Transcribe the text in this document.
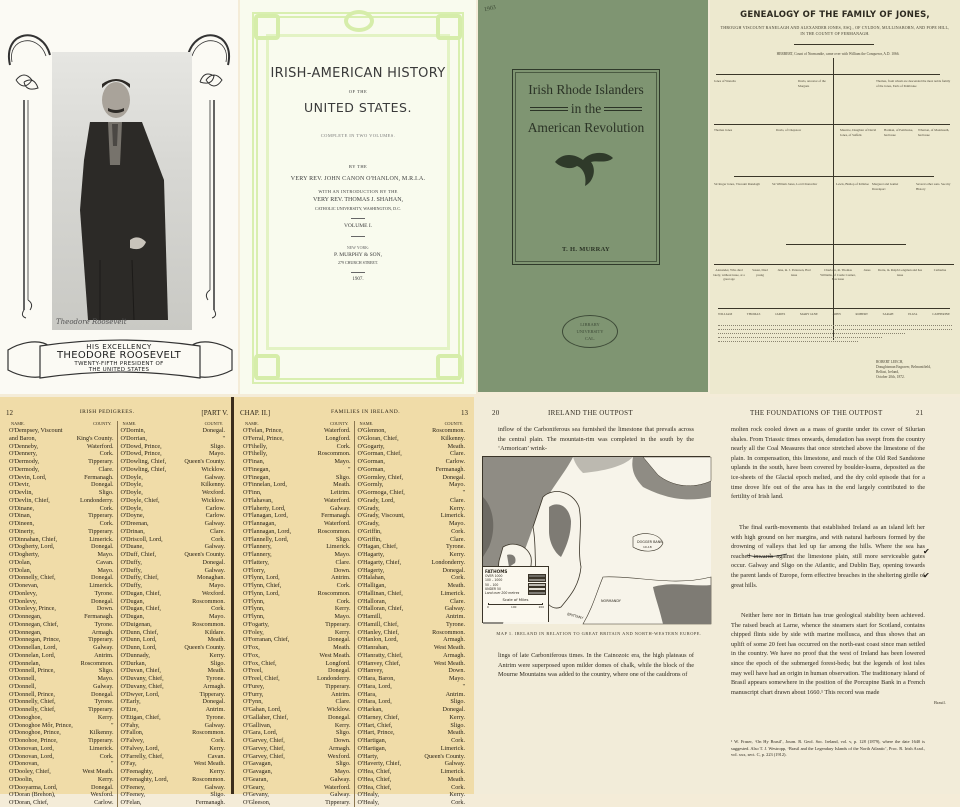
Theodore Roosevelt
HIS EXCELLENCY
THEODORE ROOSEVELT
TWENTY-FIFTH PRESIDENT OF
THE UNITED STATES
IRISH-AMERICAN HISTORY
OF THE
UNITED STATES.
COMPLETE IN TWO VOLUMES.
BY THE
VERY REV. JOHN CANON O'HANLON, M.R.I.A.
WITH AN INTRODUCTION BY THE
VERY REV. THOMAS J. SHAHAN,
CATHOLIC UNIVERSITY, WASHINGTON, D.C.
VOLUME I.
NEW YORK:
P. MURPHY & SON,
279 CHURCH STREET.
1907.
1903
Irish Rhode Islanders
in the
American Revolution
T. H. MURRAY
LIBRARY
UNIVERSITY
CAL.
GENEALOGY OF THE FAMILY OF JONES,
THROUGH VISCOUNT RANELAGH AND ALEXANDER JONES, ESQ., OF CYLDON, MULLINABORN, AND POPE HILL, IN THE COUNTY OF FERMANAGH.
HERBERT, Count of Normandie, came over with William the Conqueror, A.D. 1066.
Jones of Wanolla	Davis, ancestor of the Morgans
Thomas, from whom are descended the most noble family of the Jones, Earls of Pembroke
Thomas Jones	Davis, of Chepstow	Maurice, Daughter of David Jones, of Suffolk
Harman, of Pembroke, had issue
Wharton, of Monmouth, had issue
Sir Roger Jones, Viscount Ranelagh	Sir William Jones, Lord Chancellor	Lewis, Bishop of Killaloe Margaret and Gamet Davenport
Several other sons. See my History
Alexander, Who died lately, without issue, at a great age
Susan, Died young
Jane, m. J. Patterson, Had issue
Charlotte, m. Thomas Williams, of Castle Conner, Has issue
Jones	Dorie, m. Ralph Longman and has issue
Catharine
WILLIAM	THOMAS	JAMES	MARY JANE	JOHN	ROBERT	SARAH	ELIZA	CATHERINE
ROBERT LEECH,
Draughtsman Engraver, Belmontfield,
Belfast, Ireland,
October 20th, 1872.
12	IRISH PEDIGREES.	[PART V.
NAME.	COUNTY.
O'Dempsey, Viscount
and Baron,	King's County.
O'Denneby,	Waterford.
O'Dennery,	Cork.
O'Dermody,	Tipperary.
O'Dermody,	Clare.
O'Devin, Lord,	Fermanagh.
O'Devir,	Donegal.
O'Devlin,	Sligo.
O'Devlin, Chief,	Londonderry.
O'Dinane,	Cork.
O'Dinan,	Tipperary.
O'Dineen,	Cork.
O'Dinerty,	Tipperary.
O'Dinnahan, Chief,	Limerick.
O'Dogherty, Lord,	Donegal.
O'Dogherty,	Mayo.
O'Dolan,	Cavan.
O'Dolan,	Mayo.
O'Donnelly, Chief,	Donegal.
O'Donevan,	Limerick.
O'Donlevy,	Tyrone.
O'Donlevy,	Donegal.
O'Donlevy, Prince,	Down.
O'Donnegan,	Fermanagh.
O'Donnegan, Chief,	Tyrone.
O'Donnegan,	Armagh.
O'Donnegan, Prince,	Tipperary.
O'Donnellan, Lord,	Galway.
O'Donnelan, Lord,	Antrim.
O'Donnelan,	Roscommon.
O'Donnell, Prince,	Sligo.
O'Donnell,	Mayo.
O'Donnell,	Galway.
O'Donnell, Prince,	Donegal.
O'Donnelly, Chief,	Tyrone.
O'Donnelly, Chief,	Tipperary.
O'Donoghoe,	Kerry.
O'Donoghoe Môr, Prince,	"
O'Donoghoe, Prince,	Kilkenny.
O'Donohoe, Prince,	Tipperary.
O'Donovan, Lord,	Limerick.
O'Donovan, Lord,	Cork.
O'Donovan,	"
O'Dooley, Chief,	West Meath.
O'Doolin,	Kerry.
O'Dooyarma, Lord,	Donegal.
O'Doran (Brehon),	Wexford.
O'Doran, Chief,	Carlow.
NAME.	COUNTY.
O'Dornin,	Donegal.
O'Dorrian,	"
O'Dowd, Prince,	Sligo.
O'Dowd, Prince,	Mayo.
O'Dowling, Chief,	Queen's County.
O'Dowling, Chief,	Wicklow.
O'Doyle,	Galway.
O'Doyle,	Kilkenny.
O'Doyle,	Wexford.
O'Doyle, Chief,	Wicklow.
O'Doyle,	Carlow.
O'Doyne,	Carlow.
O'Dreenan,	Galway.
O'Drinan,	Clare.
O'Driscoll, Lord,	Cork.
O'Duane,	Galway.
O'Duff, Chief,	Queen's County.
O'Duffy,	Donegal.
O'Duffy,	Galway.
O'Duffy, Chief,	Monaghan.
O'Duffy,	Mayo.
O'Dugan, Chief,	Wexford.
O'Dugan,	Roscommon.
O'Dugan, Chief,	Cork.
O'Dugan,	Mayo.
O'Duigenan,	Roscommon.
O'Dunn, Chief,	Kildare.
O'Dunn, Lord,	Meath.
O'Dunn, Lord,	Queen's County.
O'Dunnady,	Kerry.
O'Durkan,	Sligo.
O'Duvan, Chief,	Meath.
O'Duvany, Chief,	Tyrone.
O'Duvany, Chief,	Armagh.
O'Dwyer, Lord,	Tipperary.
O'Early,	Donegal.
O'Eire,	Antrim.
O'Etigan, Chief,	Tyrone.
O'Fahy,	Galway.
O'Fallon,	Roscommon.
O'Falvey,	Cork.
O'Falvey, Lord,	Kerry.
O'Farrelly, Chief,	Cavan.
O'Fay,	West Meath.
O'Feenaghty,	Kerry.
O'Feenaghty, Lord,	Roscommon.
O'Feeney,	Galway.
O'Feeney,	Sligo.
O'Felan,	Fermanagh.
CHAP. II.]	FAMILIES IN IRELAND.	13
NAME.	COUNTY.
O'Felan, Prince,	Waterford.
O'Ferral, Prince,	Longford.
O'Fihelly,	Cork.
O'Fihelly,	Roscommon.
O'Finan,	Mayo.
O'Finegan,	"
O'Finegan,	Sligo.
O'Finnelan, Lord,	Meath.
O'Finn,	Leitrim.
O'Flahavan,	Waterford.
O'Flaherty, Lord,	Galway.
O'Flanagan, Lord,	Fermanagh.
O'Flannagan,	Waterford.
O'Flannagan, Lord,	Roscommon.
O'Flannelly, Lord,	Sligo.
O'Flannery,	Limerick.
O'Flannery,	Mayo.
O'Flattery,	Clare.
O'Florry,	Down.
O'Flynn, Lord,	Antrim.
O'Flynn, Chief,	Cork.
O'Flynn, Lord,	Roscommon.
O'Flynn,	Cork.
O'Flynn,	Kerry.
O'Flynn,	Mayo.
O'Fogarty,	Tipperary.
O'Foley,	Kerry.
O'Forranan, Chief,	Donegal.
O'Fox,	Meath.
O'Fox,	West Meath.
O'Fox, Chief,	Longford.
O'Freel,	Donegal.
O'Freel, Chief,	Londonderry.
O'Furey,	Tipperary.
O'Furry,	Antrim.
O'Fynn,	Clare.
O'Gahan, Lord,	Wicklow.
O'Gallaher, Chief,	Donegal.
O'Gallivan,	Kerry.
O'Gara, Lord,	Sligo.
O'Garvey, Chief,	Down.
O'Garvey, Chief,	Armagh.
O'Garvey, Chief,	Wexford.
O'Gavagan,	Sligo.
O'Gavagan,	Mayo.
O'Gearan,	Galway.
O'Geary,	Waterford.
O'Gevany,	Galway.
O'Gleeson,	Tipperary.
NAME.	COUNTY.
O'Glennon,	Roscommon.
O'Gloran, Chief,	Kilkenny.
O'Gogarty,	Meath.
O'Gorman, Chief,	Clare.
O'Gorman,	Carlow.
O'Gorman,	Fermanagh.
O'Gormley, Chief,	Donegal.
O'Gormly,	Mayo.
O'Gormoga, Chief,	"
O'Grady, Lord,	Clare.
O'Grady,	Kerry.
O'Grady, Viscount,	Limerick.
O'Grady,	Mayo.
O'Griffin,	Cork.
O'Griffin,	Clare.
O'Hagan, Chief,	Tyrone.
O'Hagarty,	Kerry.
O'Hagarty, Chief,	Londonderry.
O'Hagerty,	Donegal.
O'Halahan,	Cork.
O'Halligan,	Meath.
O'Hallinan, Chief,	Limerick.
O'Halloran,	Clare.
O'Halloran, Chief,	Galway.
O'Hamill,	Antrim.
O'Hamill, Chief,	Tyrone.
O'Hanley, Chief,	Roscommon.
O'Hanlon, Lord,	Armagh.
O'Hanrahan,	West Meath.
O'Hanratty, Chief,	Armagh.
O'Hanvey, Chief,	West Meath.
O'Hanvey,	Down.
O'Hara, Baron,	Mayo.
O'Hara, Lord,	"
O'Hara,	Antrim.
O'Hara, Lord,	Sligo.
O'Harkan,	Donegal.
O'Harney, Chief,	Kerry.
O'Hart, Chief,	Sligo.
O'Hart, Prince,	Meath.
O'Hartigan,	Cork.
O'Hartigan,	Limerick.
O'Harty,	Queen's County.
O'Haverty, Chief,	Galway.
O'Hea, Chief,	Limerick.
O'Hea, Chief,	Meath.
O'Hea, Chief,	Cork.
O'Healy,	Kerry.
O'Healy,	Cork.
20	IRELAND THE OUTPOST
inflow of the Carboniferous sea furnished the limestone that prevails across the central plain. The mountain-rim was completed in the south by the ‘Armorican’ wrink-
DOGGER BANK
10-18
NORMANDY
BRITTANY
FATHOMS
OVER 1000
100 – 1000
50 – 100
UNDER 50
Land over 200 metres
Scale of Miles
0	100	200
MAP 1. IRELAND IN RELATION TO GREAT BRITAIN AND NORTH-WESTERN EUROPE.
lings of late Carboniferous times. In the Cainozoic era, the high plateaus of Antrim were superposed upon milder domes of chalk, while the block of the Mourne Mountains was added to the country, where one of the cauldrons of
THE FOUNDATIONS OF THE OUTPOST	21
molten rock cooled down as a mass of granite under its cover of Silurian shales. From Triassic times onwards, denudation has swept from the country nearly all the Coal Measures that once stretched above the limestone of the plain. In compensation, this limestone, and much of the Old Red Sandstone uplands in the south, have been covered by boulder-loams, deposited as the ice-sheets of the Glacial epoch melted, and the dry cold episode that for a time drove life out of the area has in the end largely contributed to the fertility of Irish land.
The final earth-movements that established Ireland as an island left her with high ground on her margins, and with natural harbours formed by the drowning of valleys that led up far among the hills. Where the sea has reached inwards against the limestone plain, still more serviceable gates occur. Galway and Sligo on the Atlantic, and Dublin Bay, opening towards the parent lands of Europe, form effective breaches in the sheltering girdle of great hills.
Neither here nor in Britain has true geological stability been achieved. The raised beach at Larne, whence the steamers start for Scotland, contains chipped flints side by side with marine mollusca, and thus shows that an uplift of some 20 feet has occurred on the north-east coast since man settled in the country. We have no proof that the west of Ireland has been lowered since the epoch of the submerged forest-beds; but the legends of lost isles may well have had an origin in human observation. The traditionary island of Brasil appears somewhere in the position of the Porcupine Bank in a French manuscript chart drawn about 1660.¹ This record was made
Brasil.
¹ W. Fraser, ‘On Hy Brasil’, Journ. R. Geol. Soc. Ireland, vol. v, p. 128 (1879), where the date 1640 is suggested. Also T. J. Westropp, ‘Brasil and the Legendary Islands of the North Atlantic’, Proc. R. Irish Acad., vol. xxx, sect. C, p. 223 (1912).
✔
✔
